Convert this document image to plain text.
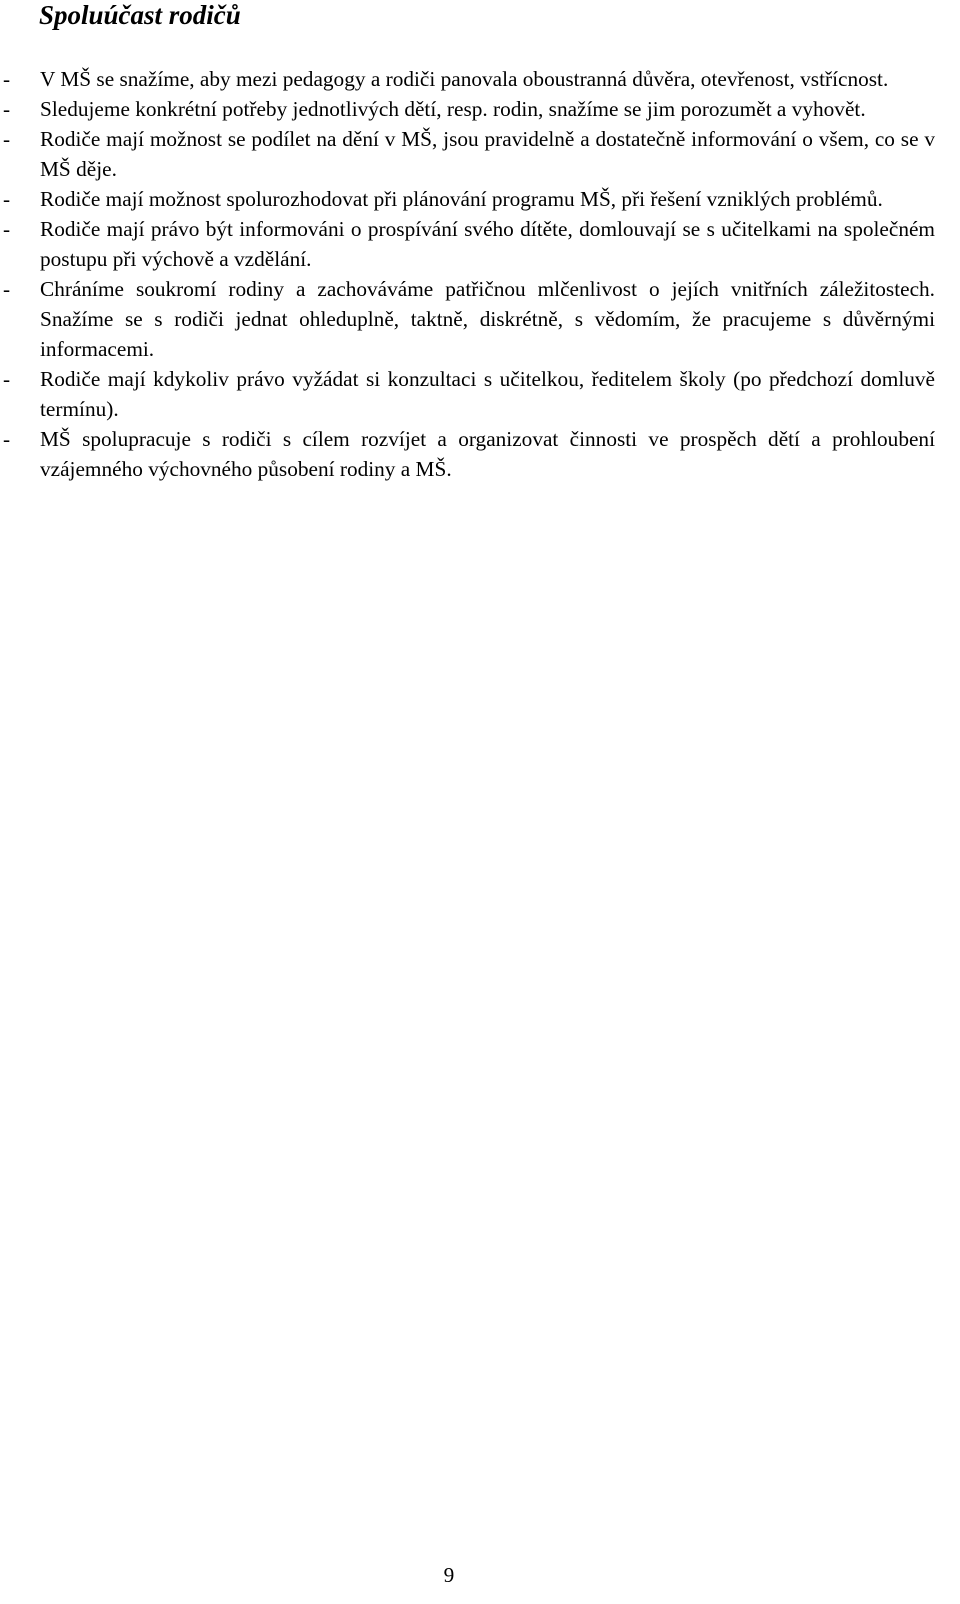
Spoluúčast rodičů
- V MŠ se snažíme, aby mezi pedagogy a rodiči panovala oboustranná důvěra, otevřenost, vstřícnost.
- Sledujeme konkrétní potřeby jednotlivých dětí, resp. rodin, snažíme se jim porozumět a vyhovět.
- Rodiče mají možnost se podílet na dění v MŠ, jsou pravidelně a dostatečně informování o všem, co se v MŠ děje.
- Rodiče mají možnost spolurozhodovat při plánování programu MŠ, při řešení vzniklých problémů.
- Rodiče mají právo být informováni o prospívání svého dítěte, domlouvají se s učitelkami na společném postupu při výchově a vzdělání.
- Chráníme soukromí rodiny a zachováváme patřičnou mlčenlivost o jejích vnitřních záležitostech. Snažíme se s rodiči jednat ohleduplně, taktně, diskrétně, s vědomím, že pracujeme s důvěrnými informacemi.
- Rodiče mají kdykoliv právo vyžádat si konzultaci s učitelkou, ředitelem školy (po předchozí domluvě termínu).
- MŠ spolupracuje s rodiči s cílem rozvíjet a organizovat činnosti ve prospěch dětí a prohloubení vzájemného výchovného působení rodiny a MŠ.
9
